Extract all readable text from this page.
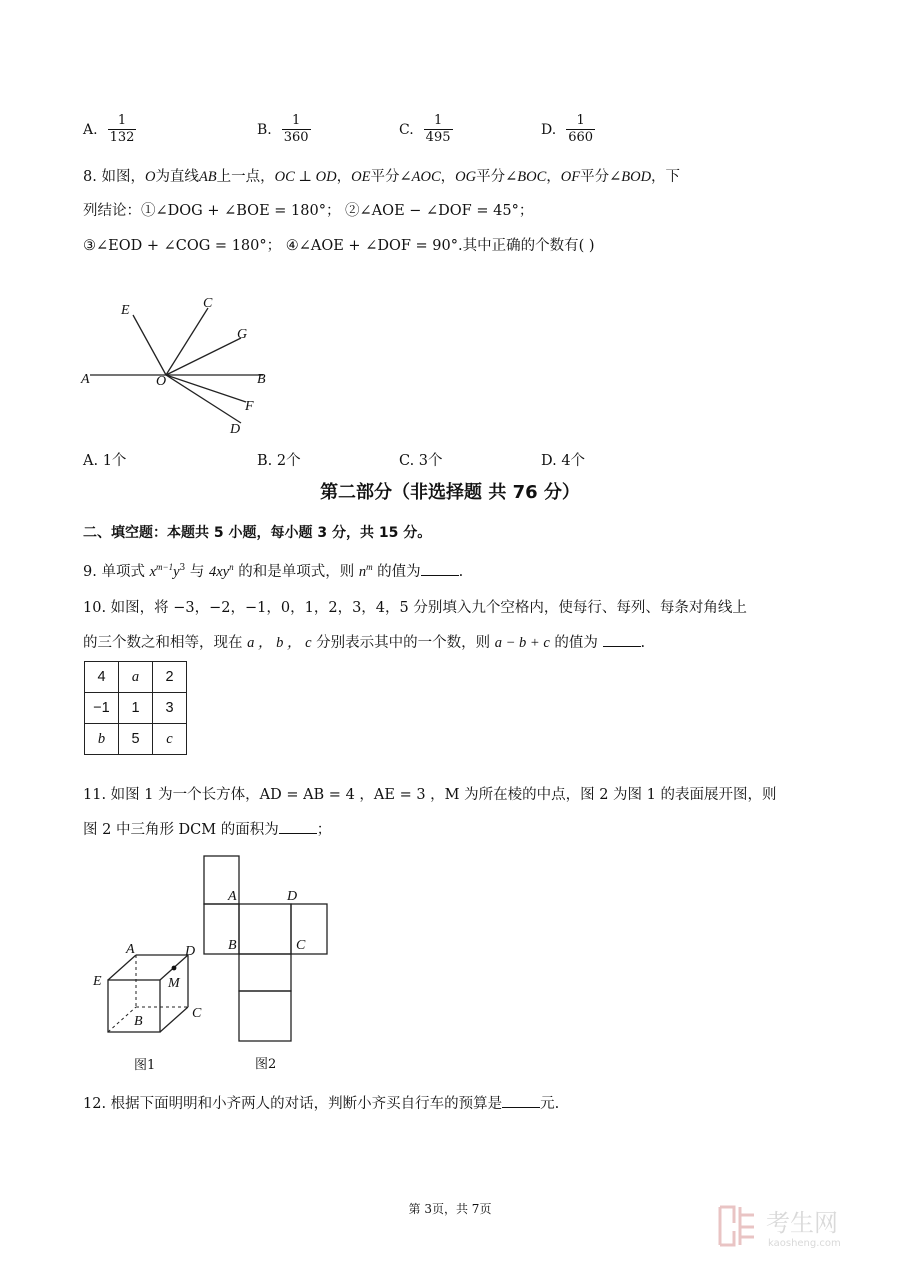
A. $\frac{1}{132}$	B. $\frac{1}{360}$	C. $\frac{1}{495}$	D. $\frac{1}{660}$
8. 如图，O为直线AB上一点，OC ⊥ OD，OE平分∠AOC，OG平分∠BOC，OF平分∠BOD，下
列结论：①∠DOG + ∠BOE = 180°； ②∠AOE − ∠DOF = 45°；
③∠EOD + ∠COG = 180°； ④∠AOE + ∠DOF = 90°.其中正确的个数有( )
E	C
G
A	O	B
F
D
A. 1个	B. 2个	C. 3个	D. 4个
第二部分（非选择题 共 76 分）
二、填空题：本题共 5 小题，每小题 3 分，共 15 分。
9. 单项式 $x^{m-1}y^3$ 与 $4xy^n$ 的和是单项式，则 $n^m$ 的值为	.
10. 如图，将 −3，−2，−1，0，1，2，3，4，5 分别填入九个空格内，使每行、每列、每条对角线上
的三个数之和相等，现在 a ， b ， c 分别表示其中的一个数，则 a − b + c 的值为	.
4	a	2
−1	1	3
b	5	c
11. 如图 1 为一个长方体，AD = AB = 4 ，AE = 3 ，M 为所在棱的中点，图 2 为图 1 的表面展开图，则
图 2 中三角形 DCM 的面积为	；
A	D
E	M
C
B
图1
A	D
B	C
图2
12. 根据下面明明和小齐两人的对话，判断小齐买自行车的预算是	元.
第 3页，共 7页	考生网
kaosheng.com
